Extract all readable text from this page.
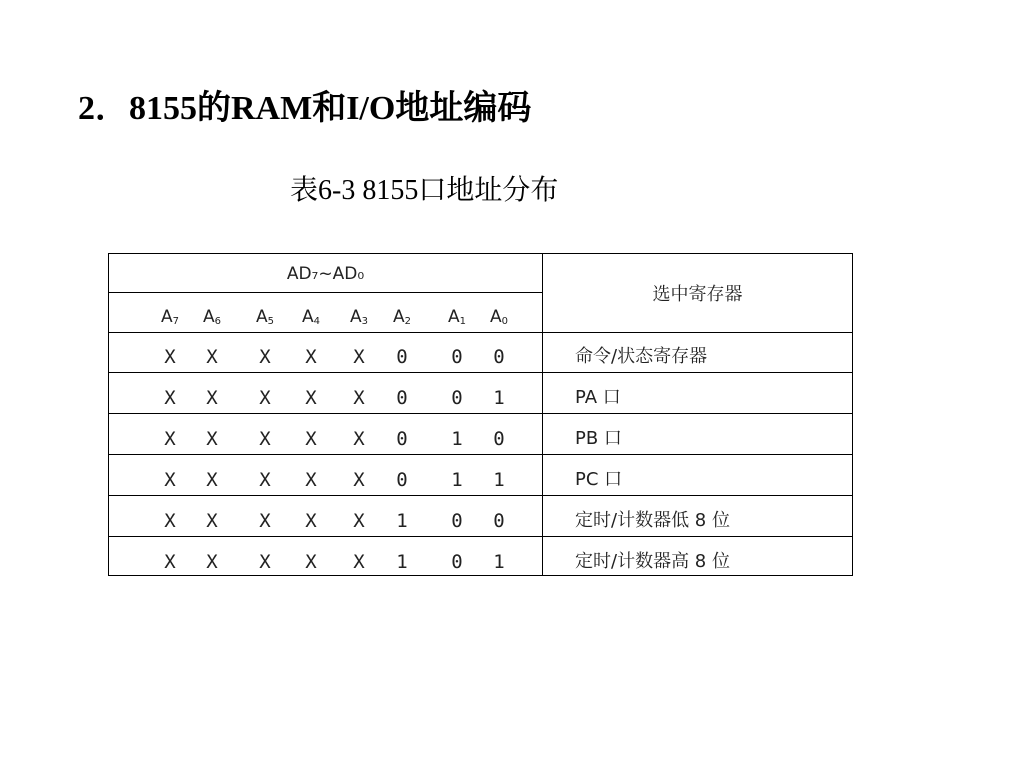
2．8155的RAM和I/O地址编码
表6-3 8155口地址分布
AD₇~AD₀
选中寄存器
$A_7$ $A_6$ $A_5$ $A_4$ $A_3$ $A_2$ $A_1$ $A_0$
X X X X X 0 0 0	命令/状态寄存器
X X X X X 0 0 1	PA 口
X X X X X 0 1 0	PB 口
X X X X X 0 1 1	PC 口
X X X X X 1 0 0	定时/计数器低 8 位
X X X X X 1 0 1	定时/计数器高 8 位
